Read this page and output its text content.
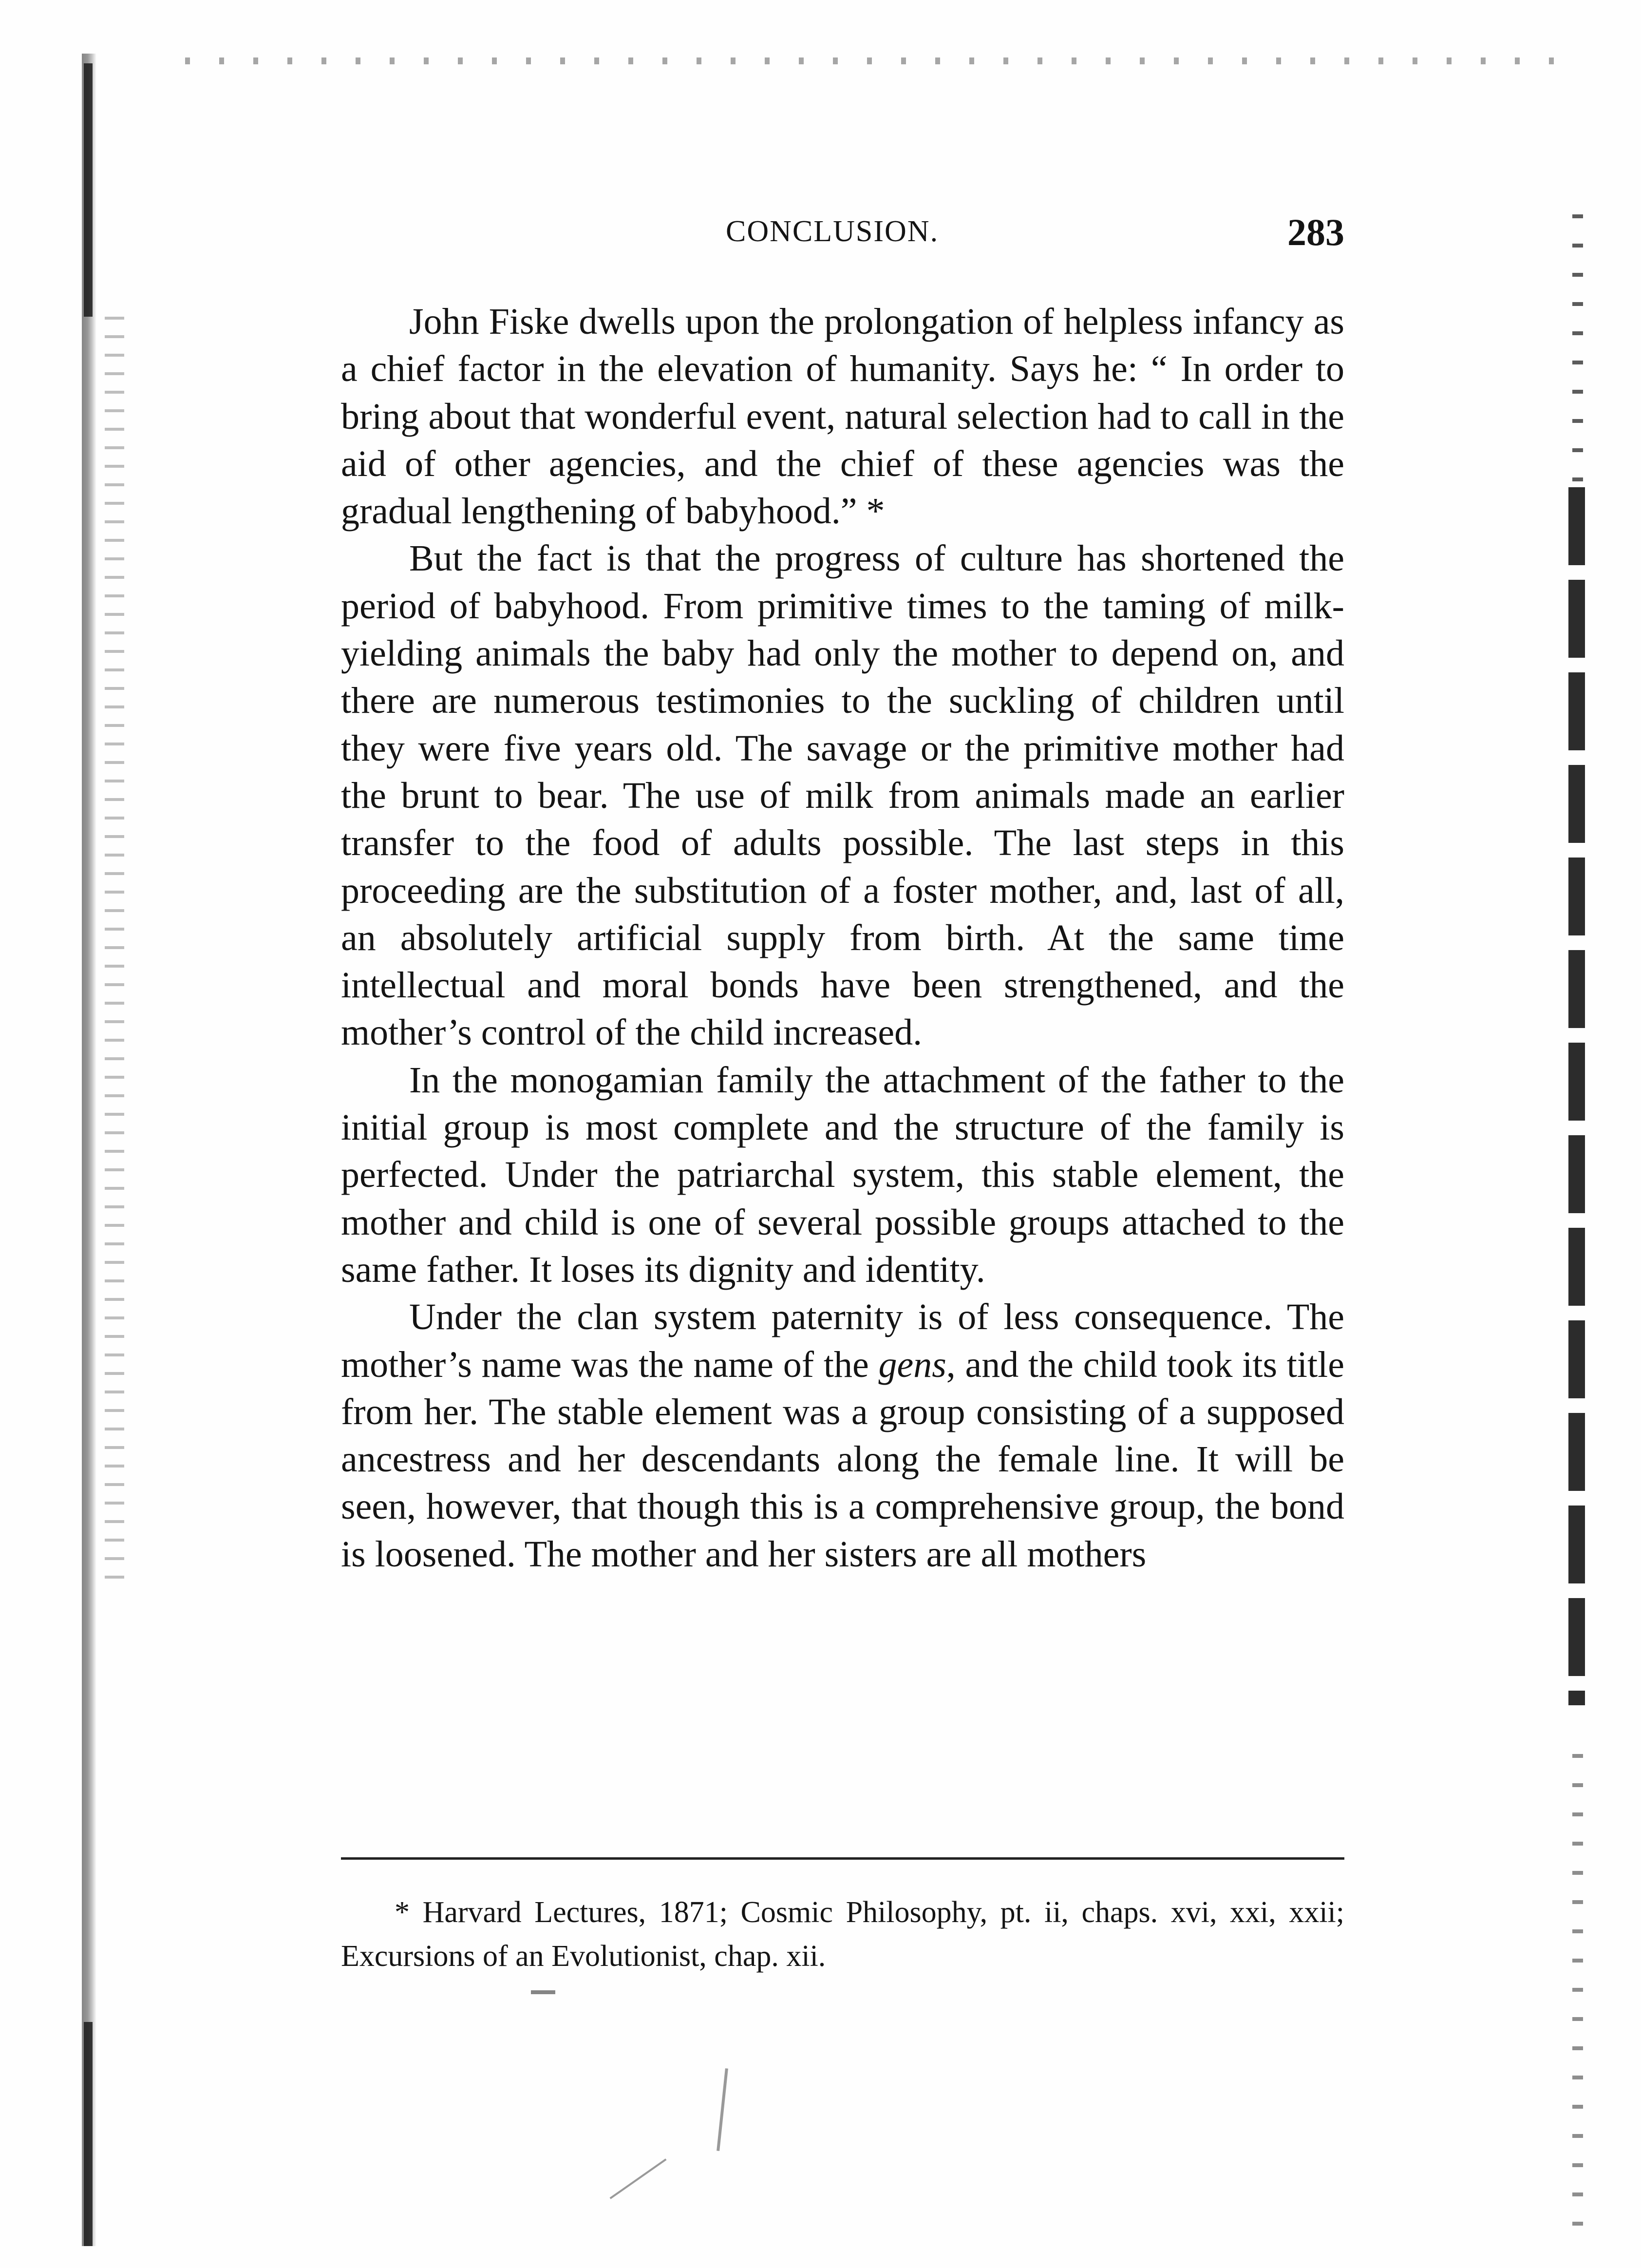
CONCLUSION.	283

John Fiske dwells upon the prolongation of helpless infancy as a chief factor in the elevation of humanity. Says he: “ In order to bring about that wonderful event, natural selection had to call in the aid of other agencies, and the chief of these agencies was the gradual lengthening of babyhood.” *

But the fact is that the progress of culture has shortened the period of babyhood. From primitive times to the taming of milk-yielding animals the baby had only the mother to depend on, and there are numerous testimonies to the suckling of children until they were five years old. The savage or the primitive mother had the brunt to bear. The use of milk from animals made an earlier transfer to the food of adults possible. The last steps in this proceeding are the substitution of a foster mother, and, last of all, an absolutely artificial supply from birth. At the same time intellectual and moral bonds have been strengthened, and the mother’s control of the child increased.

In the monogamian family the attachment of the father to the initial group is most complete and the structure of the family is perfected. Under the patriarchal system, this stable element, the mother and child is one of several possible groups attached to the same father. It loses its dignity and identity.

Under the clan system paternity is of less consequence. The mother’s name was the name of the gens, and the child took its title from her. The stable element was a group consisting of a supposed ancestress and her descendants along the female line. It will be seen, however, that though this is a comprehensive group, the bond is loosened. The mother and her sisters are all mothers

* Harvard Lectures, 1871; Cosmic Philosophy, pt. ii, chaps. xvi, xxi, xxii; Excursions of an Evolutionist, chap. xii.
